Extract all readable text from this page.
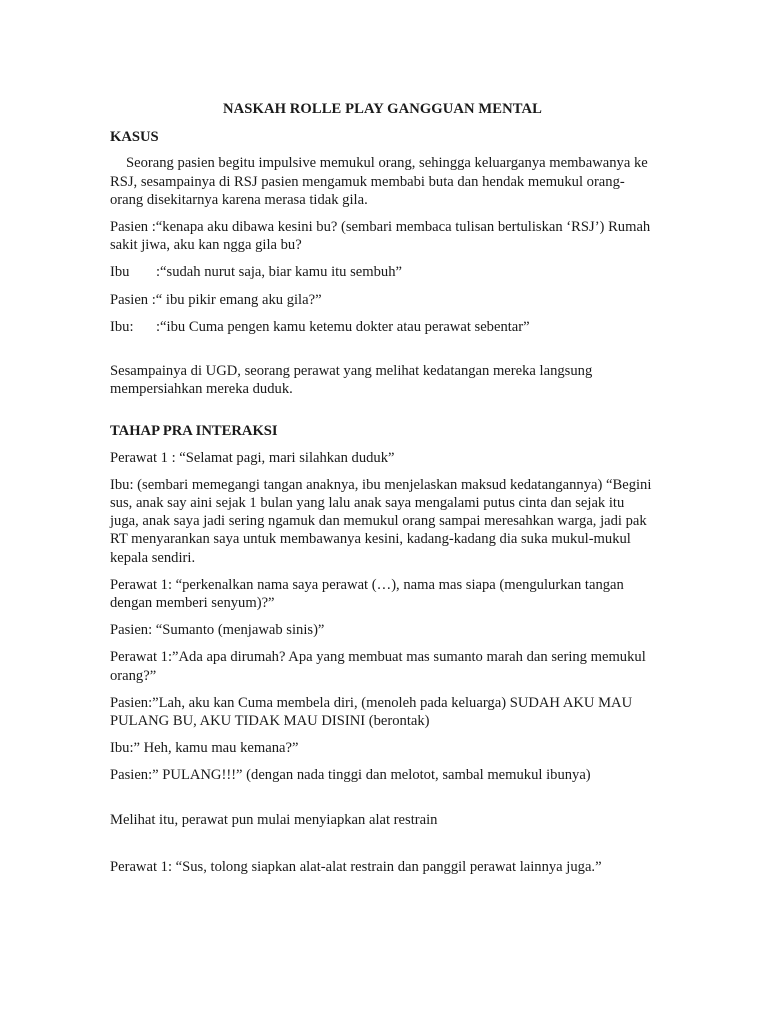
NASKAH ROLLE PLAY GANGGUAN MENTAL
KASUS

Seorang pasien begitu impulsive memukul orang, sehingga keluarganya membawanya ke RSJ, sesampainya di RSJ pasien mengamuk membabi buta dan hendak memukul orang-orang disekitarnya karena merasa tidak gila.

Pasien :“kenapa aku dibawa kesini bu? (sembari membaca tulisan bertuliskan ‘RSJ’) Rumah sakit jiwa, aku kan ngga gila bu?

Ibu	:“sudah nurut saja, biar kamu itu sembuh”

Pasien :“ ibu pikir emang aku gila?”

Ibu:	:“ibu Cuma pengen kamu ketemu dokter atau perawat sebentar”

Sesampainya di UGD, seorang perawat yang melihat kedatangan mereka langsung mempersiahkan mereka duduk.

TAHAP PRA INTERAKSI

Perawat 1 : “Selamat pagi, mari silahkan duduk”

Ibu: (sembari memegangi tangan anaknya, ibu menjelaskan maksud kedatangannya) “Begini sus, anak say aini sejak 1 bulan yang lalu anak saya mengalami putus cinta dan sejak itu juga, anak saya jadi sering ngamuk dan memukul orang sampai meresahkan warga, jadi pak RT menyarankan saya untuk membawanya kesini, kadang-kadang dia suka mukul-mukul kepala sendiri.

Perawat 1: “perkenalkan nama saya perawat (…), nama mas siapa (mengulurkan tangan dengan memberi senyum)?”

Pasien: “Sumanto (menjawab sinis)”

Perawat 1:”Ada apa dirumah? Apa yang membuat mas sumanto marah dan sering memukul orang?”

Pasien:”Lah, aku kan Cuma membela diri, (menoleh pada keluarga) SUDAH AKU MAU PULANG BU, AKU TIDAK MAU DISINI (berontak)

Ibu:” Heh, kamu mau kemana?”

Pasien:” PULANG!!!” (dengan nada tinggi dan melotot, sambal memukul ibunya)

Melihat itu, perawat pun mulai menyiapkan alat restrain

Perawat 1: “Sus, tolong siapkan alat-alat restrain dan panggil perawat lainnya juga.”
